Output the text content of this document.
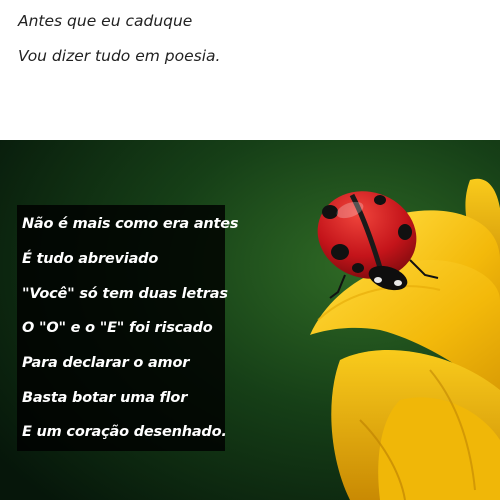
Antes que eu caduque
Vou dizer tudo em poesia.
Não é mais como era antes
É tudo abreviado
"Você" só tem duas letras
O "O" e o "E" foi riscado
Para declarar o amor
Basta botar uma flor
E um coração desenhado.
